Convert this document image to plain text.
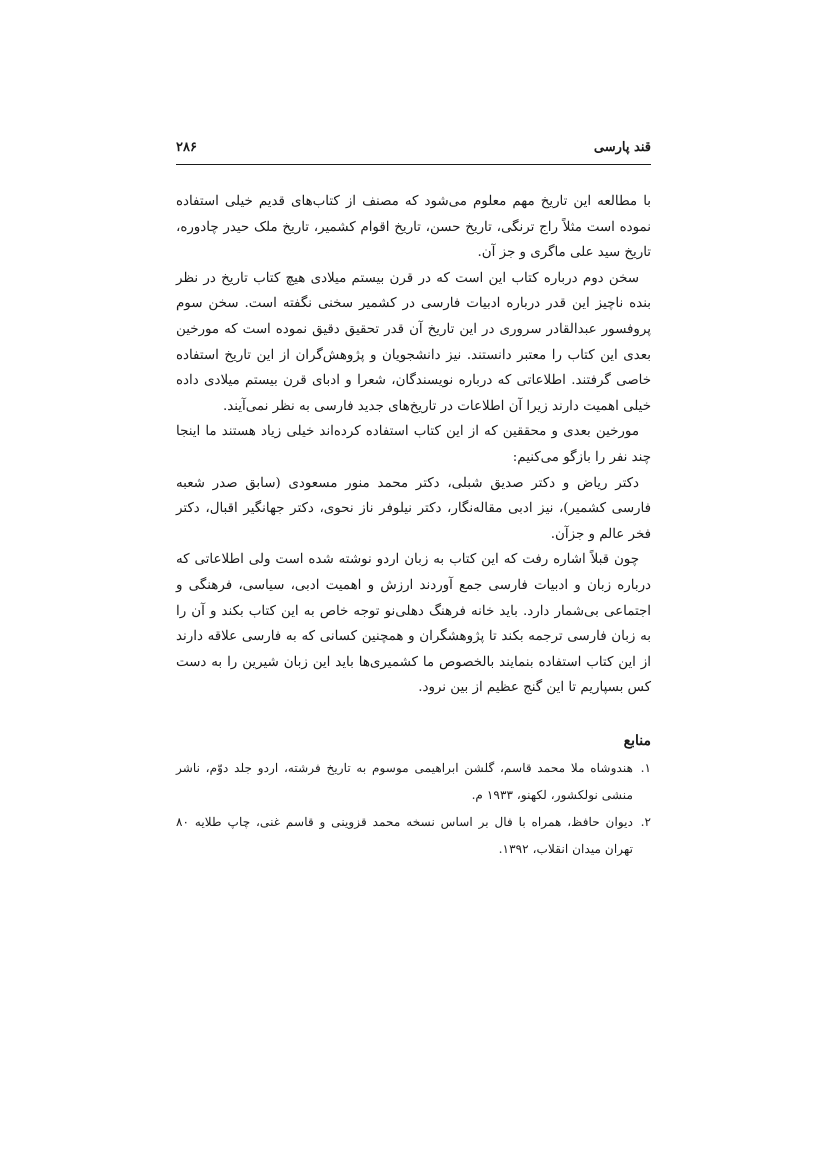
قند پارسی
۲۸۶

با مطالعه این تاریخ مهم معلوم می‌شود که مصنف از کتاب‌های قدیم خیلی استفاده نموده است مثلاً راج ترنگی، تاریخ حسن، تاریخ اقوام کشمیر، تاریخ ملک حیدر چادوره، تاریخ سید علی ماگری و جز آن.

سخن دوم درباره کتاب این است که در قرن بیستم میلادی هیچ کتاب تاریخ در نظر بنده ناچیز این قدر درباره ادبیات فارسی در کشمیر سخنی نگفته است. سخن سوم پروفسور عبدالقادر سروری در این تاریخ آن قدر تحقیق دقیق نموده است که مورخین بعدی این کتاب را معتبر دانستند. نیز دانشجویان و پژوهش‌گران از این تاریخ استفاده خاصی گرفتند. اطلاعاتی که درباره نویسندگان، شعرا و ادبای قرن بیستم میلادی داده خیلی اهمیت دارند زیرا آن اطلاعات در تاریخ‌های جدید فارسی به نظر نمی‌آیند.

مورخین بعدی و محققین که از این کتاب استفاده کرده‌اند خیلی زیاد هستند ما اینجا چند نفر را بازگو می‌کنیم:

دکتر ریاض و دکتر صدیق شبلی، دکتر محمد منور مسعودی (سابق صدر شعبه فارسی کشمیر)، نیز ادبی مقاله‌نگار، دکتر نیلوفر ناز نحوی، دکتر جهانگیر اقبال، دکتر فخر عالم و جزآن.

چون قبلاً اشاره رفت که این کتاب به زبان اردو نوشته شده است ولی اطلاعاتی که درباره زبان و ادبیات فارسی جمع آوردند ارزش و اهمیت ادبی، سیاسی، فرهنگی و اجتماعی بی‌شمار دارد. باید خانه فرهنگ دهلی‌نو توجه خاص به این کتاب بکند و آن را به زبان فارسی ترجمه بکند تا پژوهشگران و همچنین کسانی که به فارسی علاقه دارند از این کتاب استفاده بنمایند بالخصوص ما کشمیری‌ها باید این زبان شیرین را به دست کس بسپاریم تا این گنج عظیم از بین نرود.

منابع
۱.
هندوشاه ملا محمد قاسم، گلشن ابراهیمی موسوم به تاریخ فرشته، اردو جلد دوّم، ناشر منشی نولکشور، لکهنو، ۱۹۳۳ م.
۲.
دیوان حافظ، همراه با فال بر اساس نسخه محمد قزوینی و قاسم غنی، چاپ طلایه ۸۰ تهران میدان انقلاب، ۱۳۹۲.
